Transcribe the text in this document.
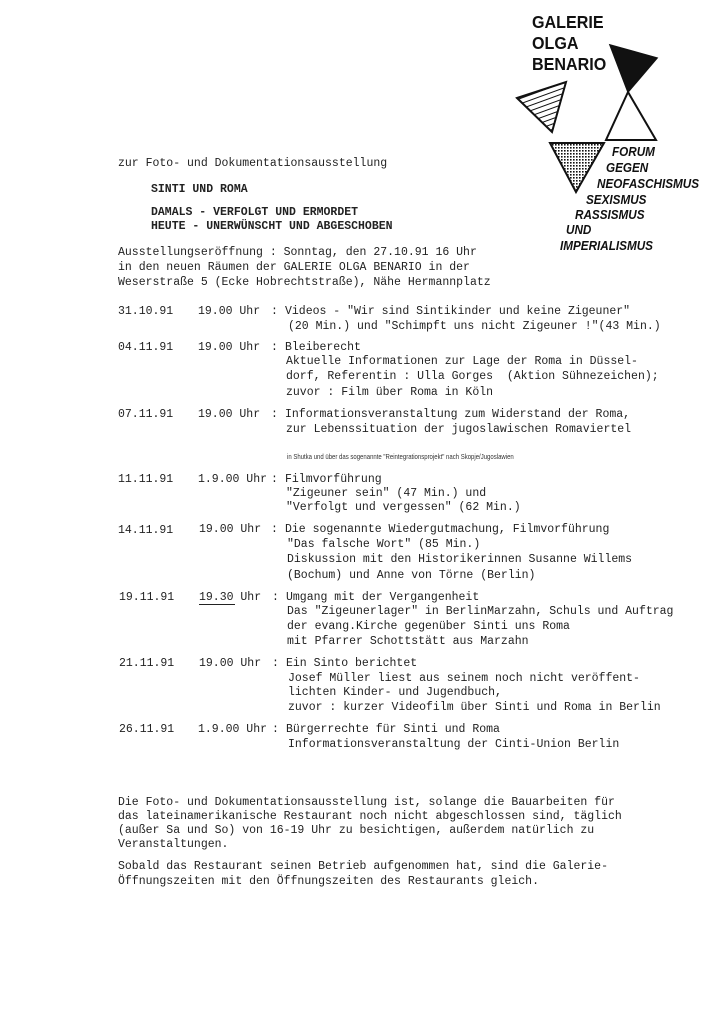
GALERIE
OLGA
BENARIO
FORUM
GEGEN
NEOFASCHISMUS
SEXISMUS
RASSISMUS
UND
IMPERIALISMUS
zur Foto- und Dokumentationsausstellung
SINTI UND ROMA
DAMALS - VERFOLGT UND ERMORDET
HEUTE - UNERWÜNSCHT UND ABGESCHOBEN
Ausstellungseröffnung : Sonntag, den 27.10.91 16 Uhr
in den neuen Räumen der GALERIE OLGA BENARIO in der
Weserstraße 5 (Ecke Hobrechtstraße), Nähe Hermannplatz
31.10.91 19.00 Uhr : Videos - "Wir sind Sintikinder und keine Zigeuner"
(20 Min.) und "Schimpft uns nicht Zigeuner !"(43 Min.)
04.11.91 19.00 Uhr : Bleiberecht
Aktuelle Informationen zur Lage der Roma in Düssel-
dorf, Referentin : Ulla Gorges  (Aktion Sühnezeichen);
zuvor : Film über Roma in Köln
07.11.91 19.00 Uhr : Informationsveranstaltung zum Widerstand der Roma,
zur Lebenssituation der jugoslawischen Romaviertel
in Shutka und über das sogenannte "Reintegrationsprojekt" nach Skopje/Jugoslawien
11.11.91 1.9.00 Uhr : Filmvorführung
"Zigeuner sein" (47 Min.) und
"Verfolgt und vergessen" (62 Min.)
14.11.91 19.00 Uhr : Die sogenannte Wiedergutmachung, Filmvorführung
"Das falsche Wort" (85 Min.)
Diskussion mit den Historikerinnen Susanne Willems
(Bochum) und Anne von Törne (Berlin)
19.11.91 19.30 Uhr : Umgang mit der Vergangenheit
Das "Zigeunerlager" in BerlinMarzahn, Schuls und Auftrag
der evang.Kirche gegenüber Sinti uns Roma
mit Pfarrer Schottstätt aus Marzahn
21.11.91 19.00 Uhr : Ein Sinto berichtet
Josef Müller liest aus seinem noch nicht veröffent-
lichten Kinder- und Jugendbuch,
zuvor : kurzer Videofilm über Sinti und Roma in Berlin
26.11.91 1.9.00 Uhr : Bürgerrechte für Sinti und Roma
Informationsveranstaltung der Cinti-Union Berlin
Die Foto- und Dokumentationsausstellung ist, solange die Bauarbeiten für
das lateinamerikanische Restaurant noch nicht abgeschlossen sind, täglich
(außer Sa und So) von 16-19 Uhr zu besichtigen, außerdem natürlich zu
Veranstaltungen.
Sobald das Restaurant seinen Betrieb aufgenommen hat, sind die Galerie-
Öffnungszeiten mit den Öffnungszeiten des Restaurants gleich.
